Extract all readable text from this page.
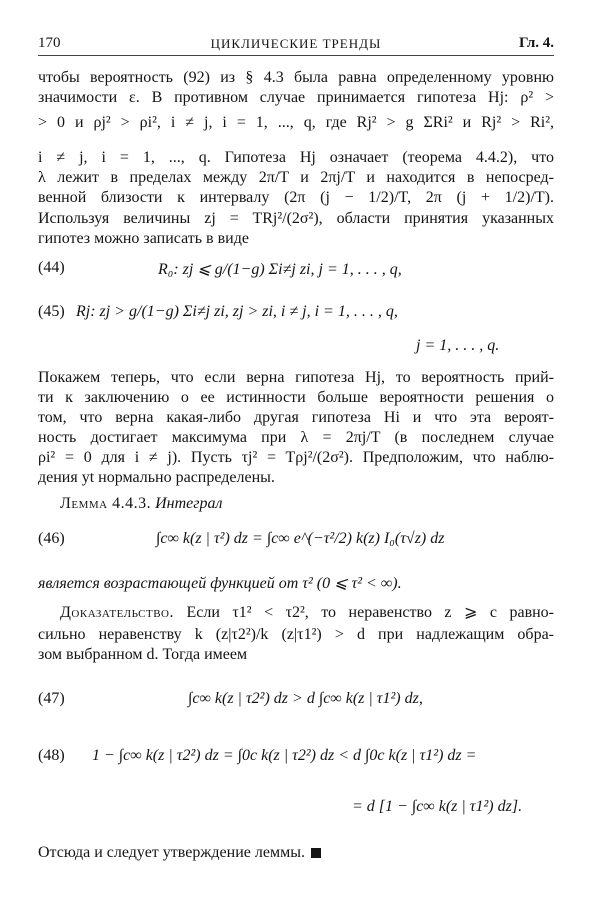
170	ЦИКЛИЧЕСКИЕ ТРЕНДЫ	Гл. 4.
чтобы вероятность (92) из § 4.3 была равна определенному уровню
значимости ε. В противном случае принимается гипотеза Hj: ρ² >
> 0 и ρj² > ρi², i ≠ j, i = 1, ..., q, где Rj² > g ΣRi² и Rj² > Ri²,
i ≠ j, i = 1, ..., q. Гипотеза Hj означает (теорема 4.4.2), что
λ лежит в пределах между 2π/T и 2πj/T и находится в непосред-
венной близости к интервалу (2π (j − 1/2)/T, 2π (j + 1/2)/T).
Используя величины zj = TRj²/(2σ²), области принятия указанных
гипотез можно записать в виде
(44)	R₀: zj ⩽ g/(1−g) Σi≠j zi, j = 1, . . . , q,
(45) Rj: zj > g/(1−g) Σi≠j zi, zj > zi, i ≠ j, i = 1, . . . , q,
j = 1, . . . , q.
Покажем теперь, что если верна гипотеза Hj, то вероятность прий-
ти к заключению о ее истинности больше вероятности решения о
том, что верна какая-либо другая гипотеза Hi и что эта вероят-
ность достигает максимума при λ = 2πj/T (в последнем случае
ρi² = 0 для i ≠ j). Пусть τj² = Tρj²/(2σ²). Предположим, что наблю-
дения yt нормально распределены.
Лемма 4.4.3. Интеграл
(46)	∫c∞ k(z | τ²) dz = ∫c∞ e^(−τ²/2) k(z) I₀(τ√z) dz
является возрастающей функцией от τ² (0 ⩽ τ² < ∞).
Доказательство. Если τ1² < τ2², то неравенство z ⩾ c равно-
сильно неравенству k (z|τ2²)/k (z|τ1²) > d при надлежащим обра-
зом выбранном d. Тогда имеем
(47)	∫c∞ k(z | τ2²) dz > d ∫c∞ k(z | τ1²) dz,
(48) 1 − ∫c∞ k(z | τ2²) dz = ∫0c k(z | τ2²) dz < d ∫0c k(z | τ1²) dz =
= d [1 − ∫c∞ k(z | τ1²) dz].
Отсюда и следует утверждение леммы.
